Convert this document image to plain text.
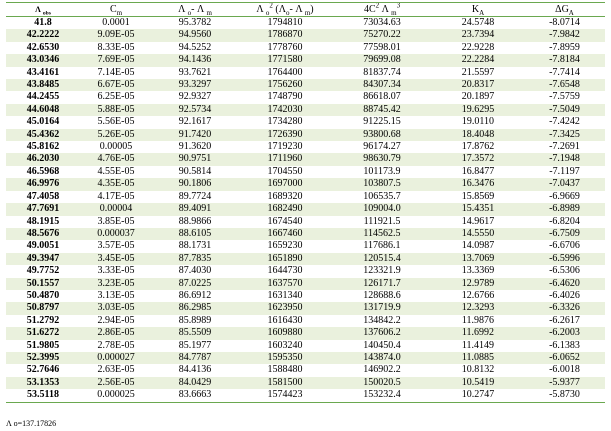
Λ $_{obs}$	$C_m$	Λ $_o$- Λ $_m$	Λ $_o^2$ ($\Lambda_o-$ Λ $_m$)	$4C^2$ Λ $_m^3$	$K_A$	$\Delta G_A$
41.8	0.0001	95.3782	1794810	73034.63	24.5748	-8.0714
42.2222	9.09E-05	94.9560	1786870	75270.22	23.7394	-7.9842
42.6530	8.33E-05	94.5252	1778760	77598.01	22.9228	-7.8959
43.0346	7.69E-05	94.1436	1771580	79699.08	22.2284	-7.8184
43.4161	7.14E-05	93.7621	1764400	81837.74	21.5597	-7.7414
43.8485	6.67E-05	93.3297	1756260	84307.34	20.8317	-7.6548
44.2455	6.25E-05	92.9327	1748790	86618.07	20.1897	-7.5759
44.6048	5.88E-05	92.5734	1742030	88745.42	19.6295	-7.5049
45.0164	5.56E-05	92.1617	1734280	91225.15	19.0110	-7.4242
45.4362	5.26E-05	91.7420	1726390	93800.68	18.4048	-7.3425
45.8162	0.00005	91.3620	1719230	96174.27	17.8762	-7.2691
46.2030	4.76E-05	90.9751	1711960	98630.79	17.3572	-7.1948
46.5968	4.55E-05	90.5814	1704550	101173.9	16.8477	-7.1197
46.9976	4.35E-05	90.1806	1697000	103807.5	16.3476	-7.0437
47.4058	4.17E-05	89.7724	1689320	106535.7	15.8569	-6.9669
47.7691	0.00004	89.4091	1682490	109004.0	15.4351	-6.8989
48.1915	3.85E-05	88.9866	1674540	111921.5	14.9617	-6.8204
48.5676	0.000037	88.6105	1667460	114562.5	14.5550	-6.7509
49.0051	3.57E-05	88.1731	1659230	117686.1	14.0987	-6.6706
49.3947	3.45E-05	87.7835	1651890	120515.4	13.7069	-6.5996
49.7752	3.33E-05	87.4030	1644730	123321.9	13.3369	-6.5306
50.1557	3.23E-05	87.0225	1637570	126171.7	12.9789	-6.4620
50.4870	3.13E-05	86.6912	1631340	128688.6	12.6766	-6.4026
50.8797	3.03E-05	86.2985	1623950	131719.9	12.3293	-6.3326
51.2792	2.94E-05	85.8989	1616430	134842.2	11.9876	-6.2617
51.6272	2.86E-05	85.5509	1609880	137606.2	11.6992	-6.2003
51.9805	2.78E-05	85.1977	1603240	140450.4	11.4149	-6.1383
52.3995	0.000027	84.7787	1595350	143874.0	11.0885	-6.0652
52.7646	2.63E-05	84.4136	1588480	146902.2	10.8132	-6.0018
53.1353	2.56E-05	84.0429	1581500	150020.5	10.5419	-5.9377
53.5118	0.000025	83.6663	1574423	153232.4	10.2747	-5.8730
Λ o=137.17826
